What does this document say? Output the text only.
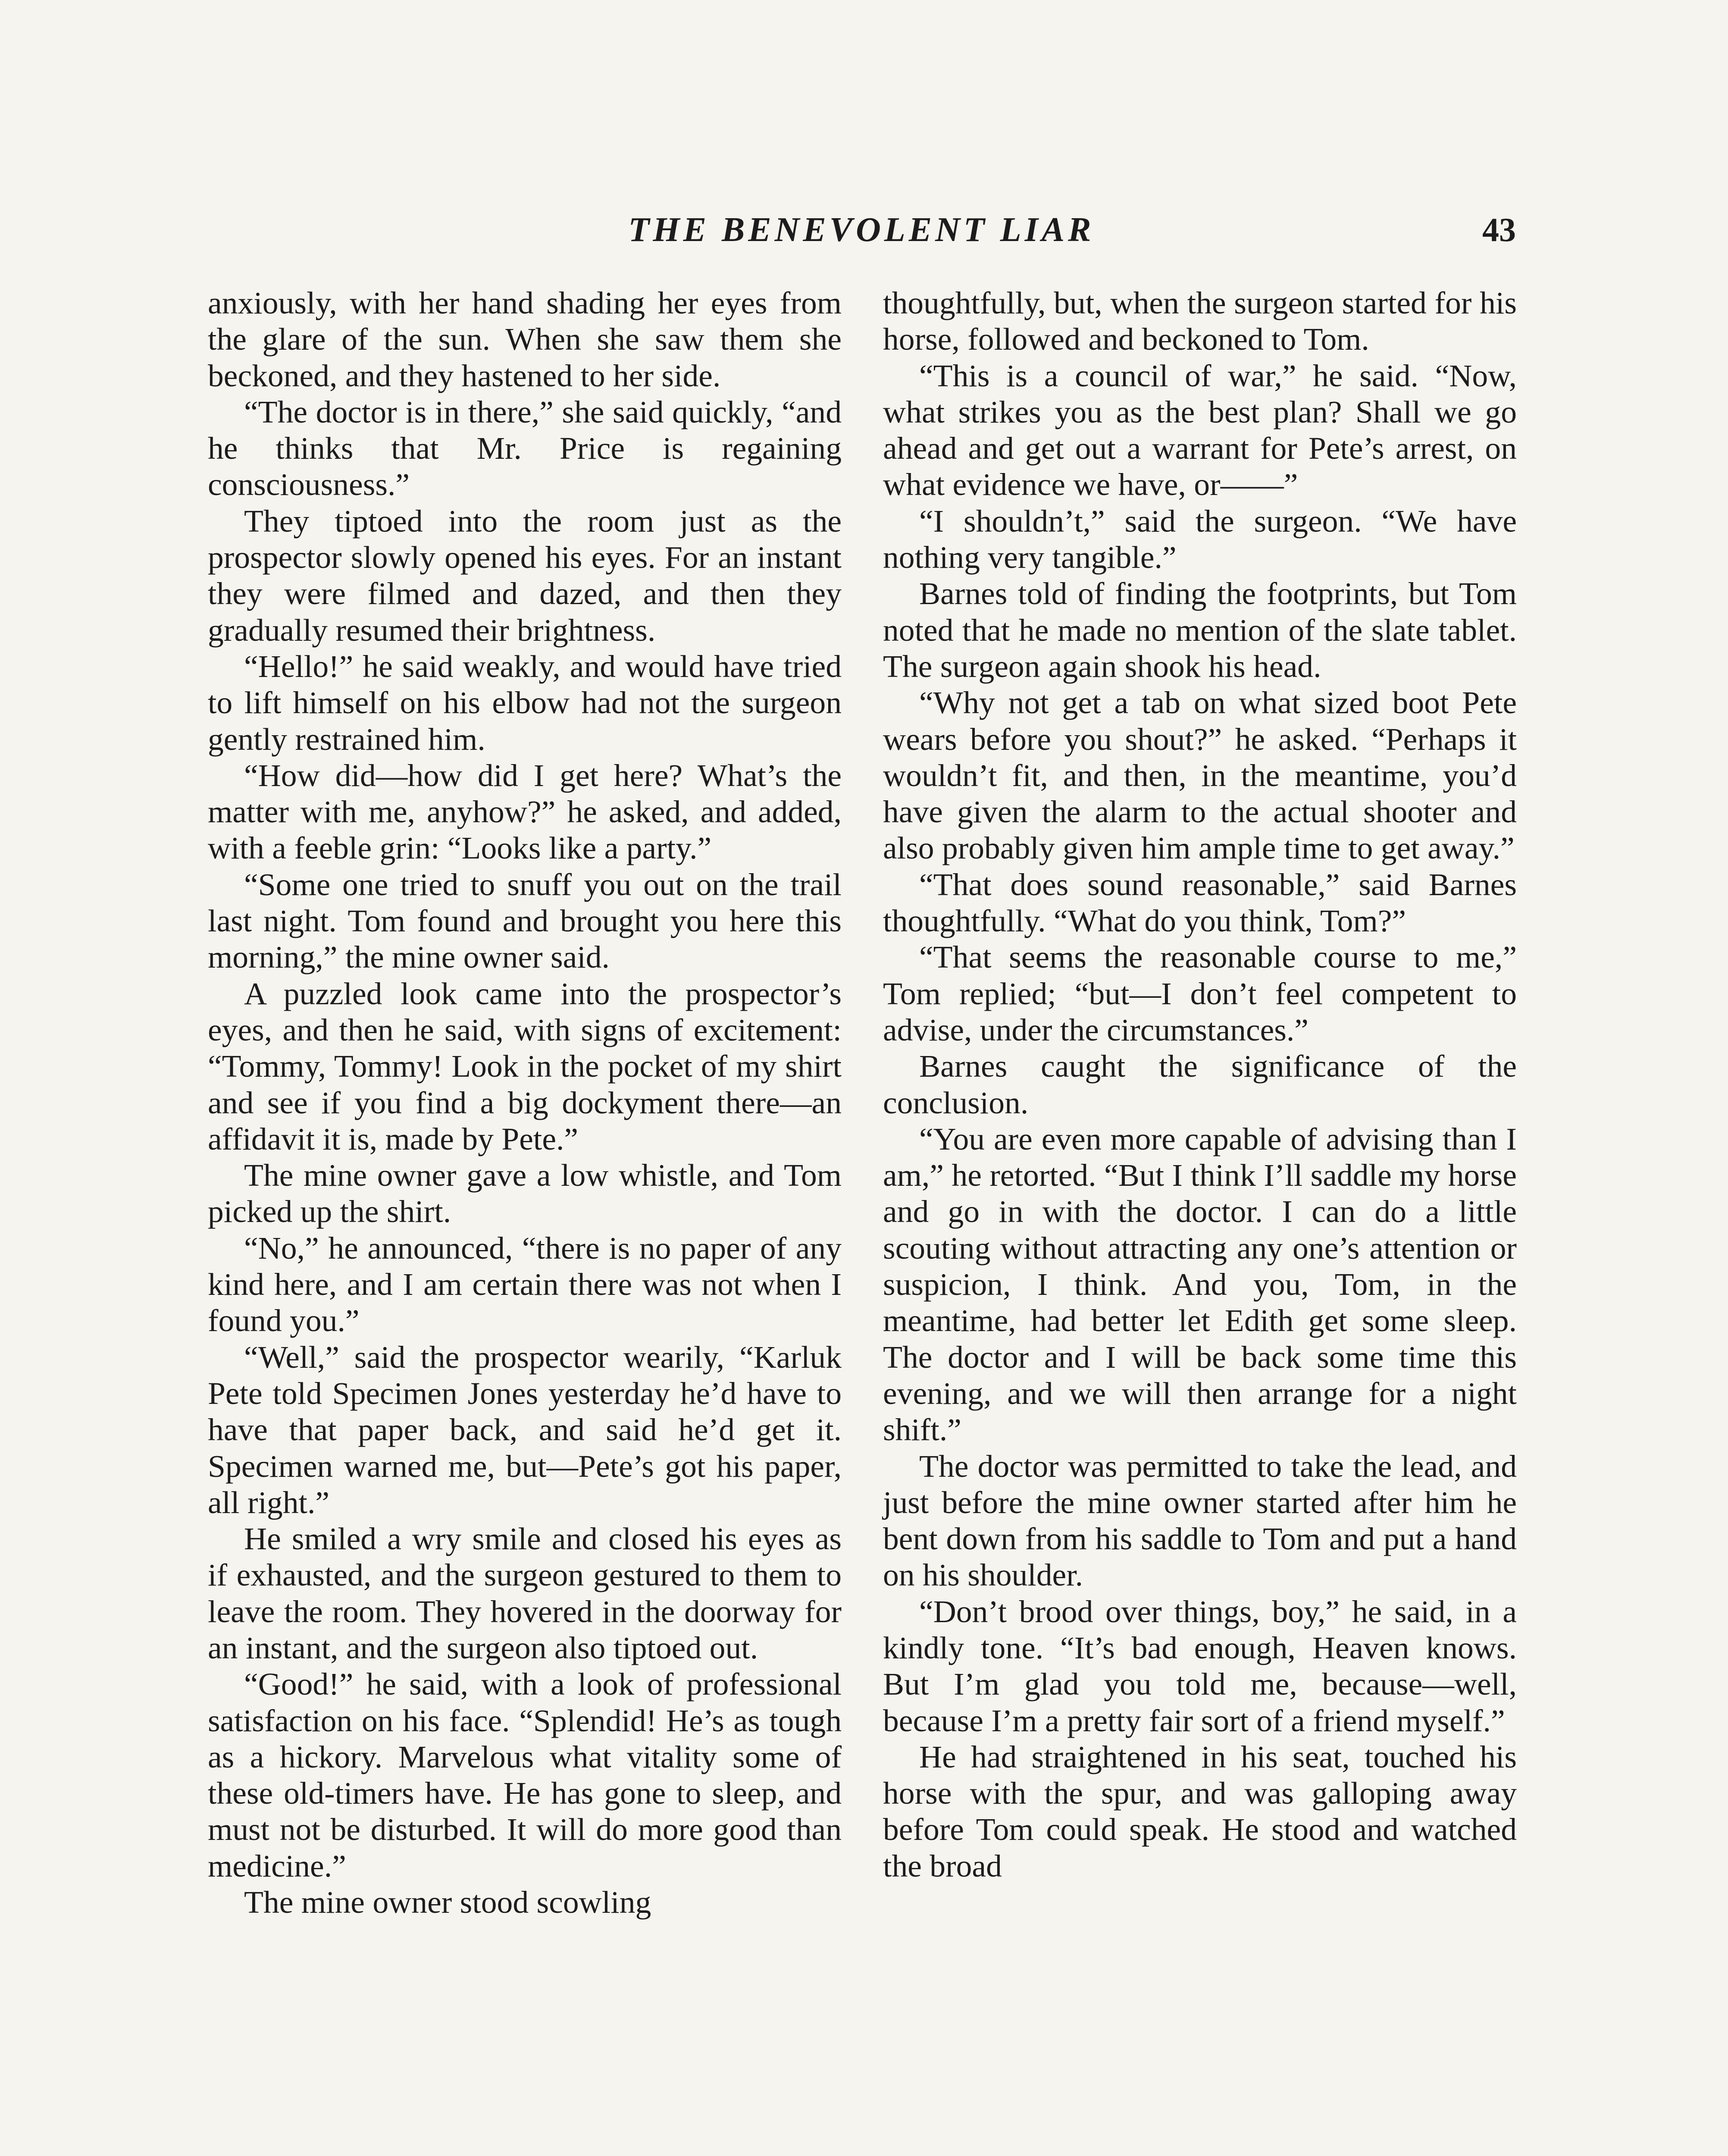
THE BENEVOLENT LIAR	43

anxiously, with her hand shading her eyes from the glare of the sun. When she saw them she beckoned, and they hastened to her side.

“The doctor is in there,” she said quickly, “and he thinks that Mr. Price is regaining consciousness.”

They tiptoed into the room just as the prospector slowly opened his eyes. For an instant they were filmed and dazed, and then they gradually resumed their brightness.

“Hello!” he said weakly, and would have tried to lift himself on his elbow had not the surgeon gently restrained him.

“How did—how did I get here? What’s the matter with me, anyhow?” he asked, and added, with a feeble grin: “Looks like a party.”

“Some one tried to snuff you out on the trail last night. Tom found and brought you here this morning,” the mine owner said.

A puzzled look came into the prospector’s eyes, and then he said, with signs of excitement: “Tommy, Tommy! Look in the pocket of my shirt and see if you find a big dockyment there—an affidavit it is, made by Pete.”

The mine owner gave a low whistle, and Tom picked up the shirt.

“No,” he announced, “there is no paper of any kind here, and I am certain there was not when I found you.”

“Well,” said the prospector wearily, “Karluk Pete told Specimen Jones yesterday he’d have to have that paper back, and said he’d get it. Specimen warned me, but—Pete’s got his paper, all right.”

He smiled a wry smile and closed his eyes as if exhausted, and the surgeon gestured to them to leave the room. They hovered in the doorway for an instant, and the surgeon also tiptoed out.

“Good!” he said, with a look of professional satisfaction on his face. “Splendid! He’s as tough as a hickory. Marvelous what vitality some of these old-timers have. He has gone to sleep, and must not be disturbed. It will do more good than medicine.”

The mine owner stood scowling

thoughtfully, but, when the surgeon started for his horse, followed and beckoned to Tom.

“This is a council of war,” he said. “Now, what strikes you as the best plan? Shall we go ahead and get out a warrant for Pete’s arrest, on what evidence we have, or——”

“I shouldn’t,” said the surgeon. “We have nothing very tangible.”

Barnes told of finding the footprints, but Tom noted that he made no mention of the slate tablet. The surgeon again shook his head.

“Why not get a tab on what sized boot Pete wears before you shout?” he asked. “Perhaps it wouldn’t fit, and then, in the meantime, you’d have given the alarm to the actual shooter and also probably given him ample time to get away.”

“That does sound reasonable,” said Barnes thoughtfully. “What do you think, Tom?”

“That seems the reasonable course to me,” Tom replied; “but—I don’t feel competent to advise, under the circumstances.”

Barnes caught the significance of the conclusion.

“You are even more capable of advising than I am,” he retorted. “But I think I’ll saddle my horse and go in with the doctor. I can do a little scouting without attracting any one’s attention or suspicion, I think. And you, Tom, in the meantime, had better let Edith get some sleep. The doctor and I will be back some time this evening, and we will then arrange for a night shift.”

The doctor was permitted to take the lead, and just before the mine owner started after him he bent down from his saddle to Tom and put a hand on his shoulder.

“Don’t brood over things, boy,” he said, in a kindly tone. “It’s bad enough, Heaven knows. But I’m glad you told me, because—well, because I’m a pretty fair sort of a friend myself.”

He had straightened in his seat, touched his horse with the spur, and was galloping away before Tom could speak. He stood and watched the broad
